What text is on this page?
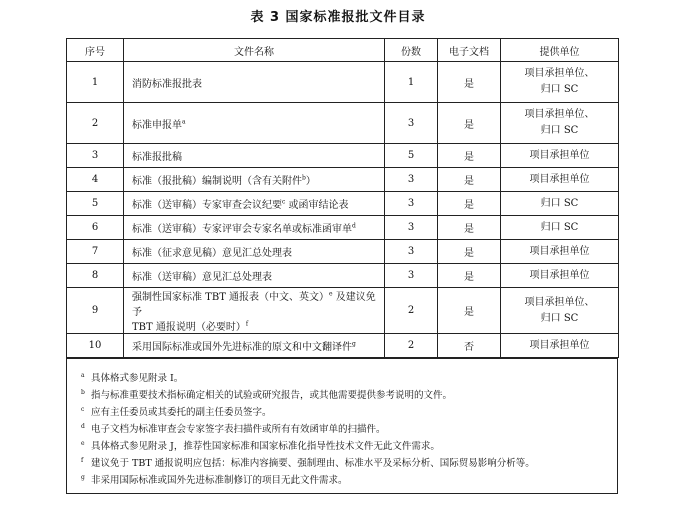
表 3 国家标准报批文件目录
序号	文件名称	份数	电子文档	提供单位
1	消防标准报批表	1	是	项目承担单位、
归口 SC

2	标准申报单$^a$	3	是	项目承担单位、
归口 SC

3	标准报批稿	5	是	项目承担单位

4	标准（报批稿）编制说明（含有关附件$^b$）	3	是	项目承担单位

5	标准（送审稿）专家审查会议纪要$^c$ 或函审结论表	3	是	归口 SC

6	标准（送审稿）专家评审会专家名单或标准函审单$^d$	3	是	归口 SC

7	标准（征求意见稿）意见汇总处理表	3	是	项目承担单位

8	标准（送审稿）意见汇总处理表	3	是	项目承担单位

9	强制性国家标准 TBT 通报表（中文、英文）$^e$ 及建议免予
TBT 通报说明（必要时）$^f$	2	是	项目承担单位、
归口 SC

10	采用国际标准或国外先进标准的原文和中文翻译件$^g$	2	否	项目承担单位
$^a$ 具体格式参见附录 I。
$^b$ 指与标准重要技术指标确定相关的试验或研究报告，或其他需要提供参考说明的文件。
$^c$ 应有主任委员或其委托的副主任委员签字。
$^d$ 电子文档为标准审查会专家签字表扫描件或所有有效函审单的扫描件。
$^e$ 具体格式参见附录 J，推荐性国家标准和国家标准化指导性技术文件无此文件需求。
$^f$ 建议免于 TBT 通报说明应包括：标准内容摘要、强制理由、标准水平及采标分析、国际贸易影响分析等。
$^g$ 非采用国际标准或国外先进标准制修订的项目无此文件需求。
